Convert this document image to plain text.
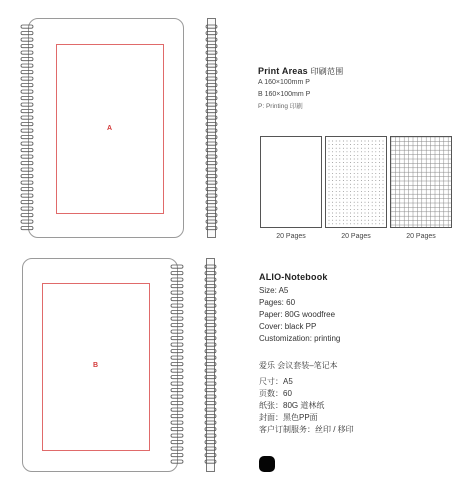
A
Print Areas 印刷范围
A 160×100mm P
B 160×100mm P
P: Printing 印刷
20 Pages	20 Pages	20 Pages
B
ALIO-Notebook
Size: A5
Pages: 60
Paper: 80G woodfree
Cover: black PP
Customization: printing
爱乐 会议套装–笔记本
尺寸：A5
页数：60
纸张：80G 道林纸
封面：黑色PP面
客户订制服务：丝印 / 移印
